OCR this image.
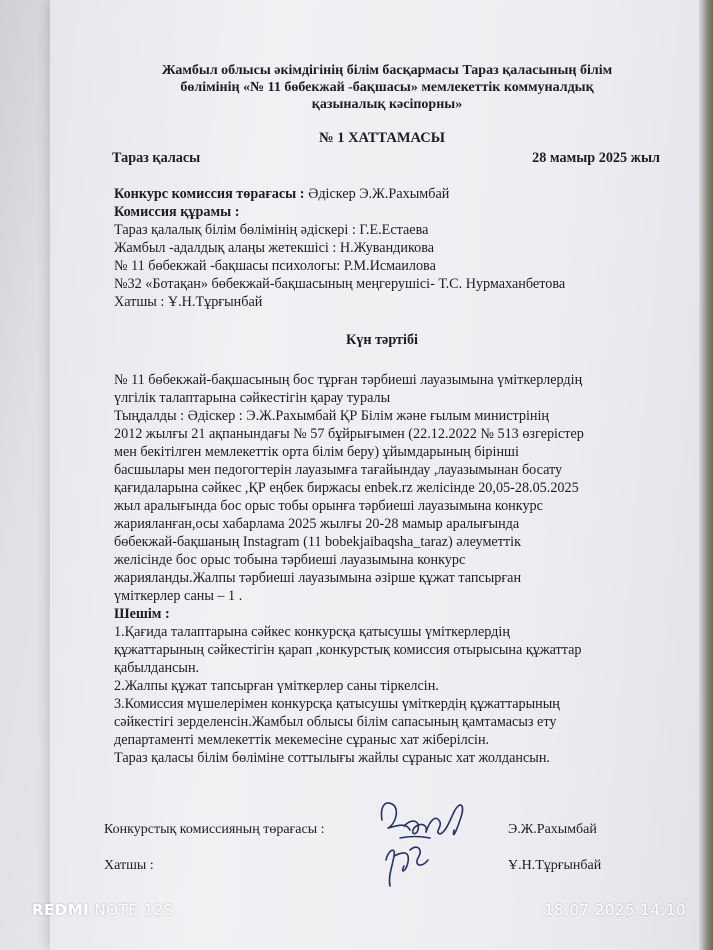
Жамбыл облысы әкімдігінің білім басқармасы Тараз қаласының білім
бөлімінің «№ 11 бөбекжай -бақшасы» мемлекеттік коммуналдық
қазыналық кәсіпорны»
№ 1 ХАТТАМАСЫ
Тараз қаласы	28 мамыр 2025 жыл
Конкурс комиссия төрағасы : Әдіскер Э.Ж.Рахымбай
Комиссия құрамы :
Тараз қалалық білім бөлімінің әдіскері : Г.Е.Естаева
Жамбыл -адалдық алаңы жетекшісі : Н.Жувандикова
№ 11 бөбекжай -бақшасы психологы: Р.М.Исмаилова
№32 «Ботақан» бөбекжай-бақшасының меңгерушісі- Т.С. Нурмаханбетова
Хатшы : Ұ.Н.Тұрғынбай
Күн тәртібі
№ 11 бөбекжай-бақшасының бос тұрған тәрбиеші лауазымына үміткерлердің
үлгілік талаптарына сәйкестігін қарау туралы
Тыңдалды : Әдіскер : Э.Ж.Рахымбай ҚР Білім және ғылым министрінің
2012 жылғы 21 ақпанындағы № 57 бұйрығымен (22.12.2022 № 513 өзгерістер
мен бекітілген мемлекеттік орта білім беру) ұйымдарының бірінші
басшылары мен педогогтерін лауазымға тағайындау ,лауазымынан босату
қағидаларына сәйкес ,ҚР еңбек биржасы enbek.rz желісінде 20,05-28.05.2025
жыл аралығында бос орыс тобы орынға тәрбиеші лауазымына конкурс
жарияланған,осы хабарлама 2025 жылғы 20-28 мамыр аралығында
бөбекжай-бақшаның Instagram (11 bobekjaibaqsha_taraz) әлеуметтік
желісінде бос орыс тобына тәрбиеші лауазымына конкурс
жарияланды.Жалпы тәрбиеші лауазымына әзірше құжат тапсырған
үміткерлер саны – 1 .
Шешім :
1.Қағида талаптарына сәйкес конкурсқа қатысушы үміткерлердің
құжаттарының сәйкестігін қарап ,конкурстық комиссия отырысына құжаттар
қабылдансын.
2.Жалпы құжат тапсырған үміткерлер саны тіркелсін.
3.Комиссия мүшелерімен конкурсқа қатысушы үміткердің құжаттарының
сәйкестігі зерделенсін.Жамбыл облысы білім сапасының қамтамасыз ету
департаменті мемлекеттік мекемесіне сұраныс хат жіберілсін.
Тараз қаласы білім бөліміне соттылығы жайлы сұраныс хат жолдансын.
Конкурстық комиссияның төрағасы :	Э.Ж.Рахымбай
Хатшы :	Ұ.Н.Тұрғынбай
REDMI NOTE 12S	18.07.2025 14:10
